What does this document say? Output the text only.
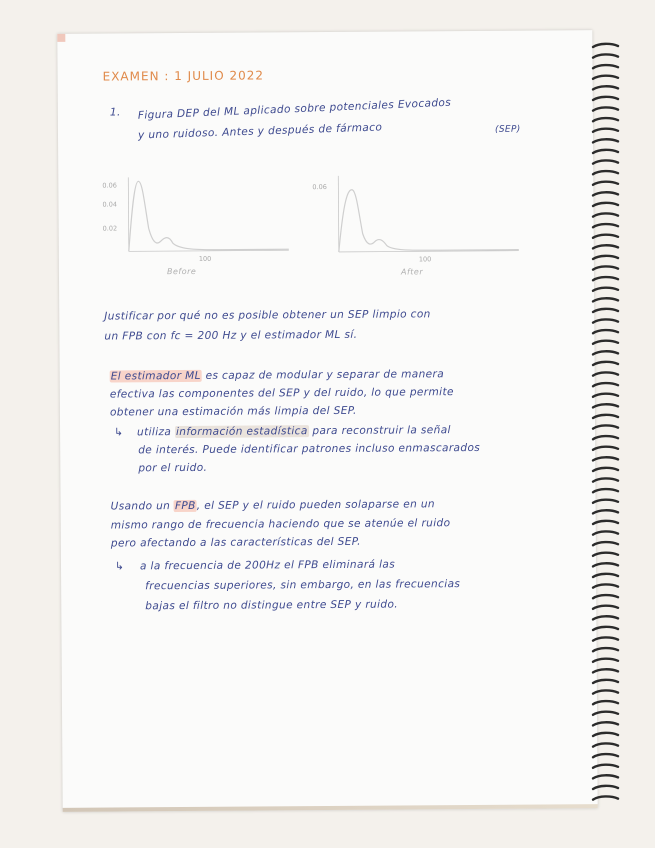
EXAMEN : 1 JULIO 2022
1. Figura DEP del ML aplicado sobre potenciales Evocados
y uno ruidoso. Antes y después de fármaco	(SEP)
0.06
0.04
0.02
100
Before
0.06
100
After
Justificar por qué no es posible obtener un SEP limpio con
un FPB con fc = 200 Hz y el estimador ML sí.
El estimador ML es capaz de modular y separar de manera
efectiva las componentes del SEP y del ruido, lo que permite
obtener una estimación más limpia del SEP.
↳ utiliza información estadística para reconstruir la señal
de interés. Puede identificar patrones incluso enmascarados
por el ruido.
Usando un FPB, el SEP y el ruido pueden solaparse en un
mismo rango de frecuencia haciendo que se atenúe el ruido
pero afectando a las características del SEP.
↳ a la frecuencia de 200Hz el FPB eliminará las
frecuencias superiores, sin embargo, en las frecuencias
bajas el filtro no distingue entre SEP y ruido.
